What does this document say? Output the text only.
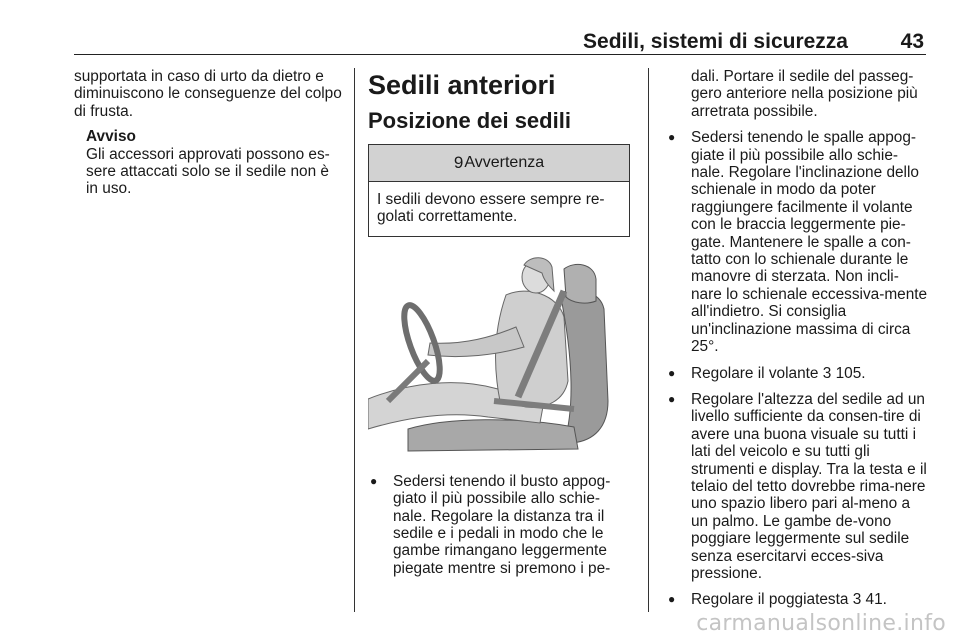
Sedili, sistemi di sicurezza	43

supportata in caso di urto da dietro e diminuiscono le conseguenze del colpo di frusta.

Avviso
Gli accessori approvati possono es-sere attaccati solo se il sedile non è in uso.
Sedili anteriori
Posizione dei sedili
9 Avvertenza
I sedili devono essere sempre re-golati correttamente.
● Sedersi tenendo il busto appog-giato il più possibile allo schie-nale. Regolare la distanza tra il sedile e i pedali in modo che le gambe rimangano leggermente piegate mentre si premono i pe-

dali. Portare il sedile del passeg-gero anteriore nella posizione più arretrata possibile.

● Sedersi tenendo le spalle appog-giate il più possibile allo schie-nale. Regolare l'inclinazione dello schienale in modo da poter raggiungere facilmente il volante con le braccia leggermente pie-gate. Mantenere le spalle a con-tatto con lo schienale durante le manovre di sterzata. Non incli-nare lo schienale eccessiva-mente all'indietro. Si consiglia un'inclinazione massima di circa 25°.
● Regolare il volante 3 105.
● Regolare l'altezza del sedile ad un livello sufficiente da consen-tire di avere una buona visuale su tutti i lati del veicolo e su tutti gli strumenti e display. Tra la testa e il telaio del tetto dovrebbe rima-nere uno spazio libero pari al-meno a un palmo. Le gambe de-vono poggiare leggermente sul sedile senza esercitarvi ecces-siva pressione.
● Regolare il poggiatesta 3 41.
carmanualsonline.info
